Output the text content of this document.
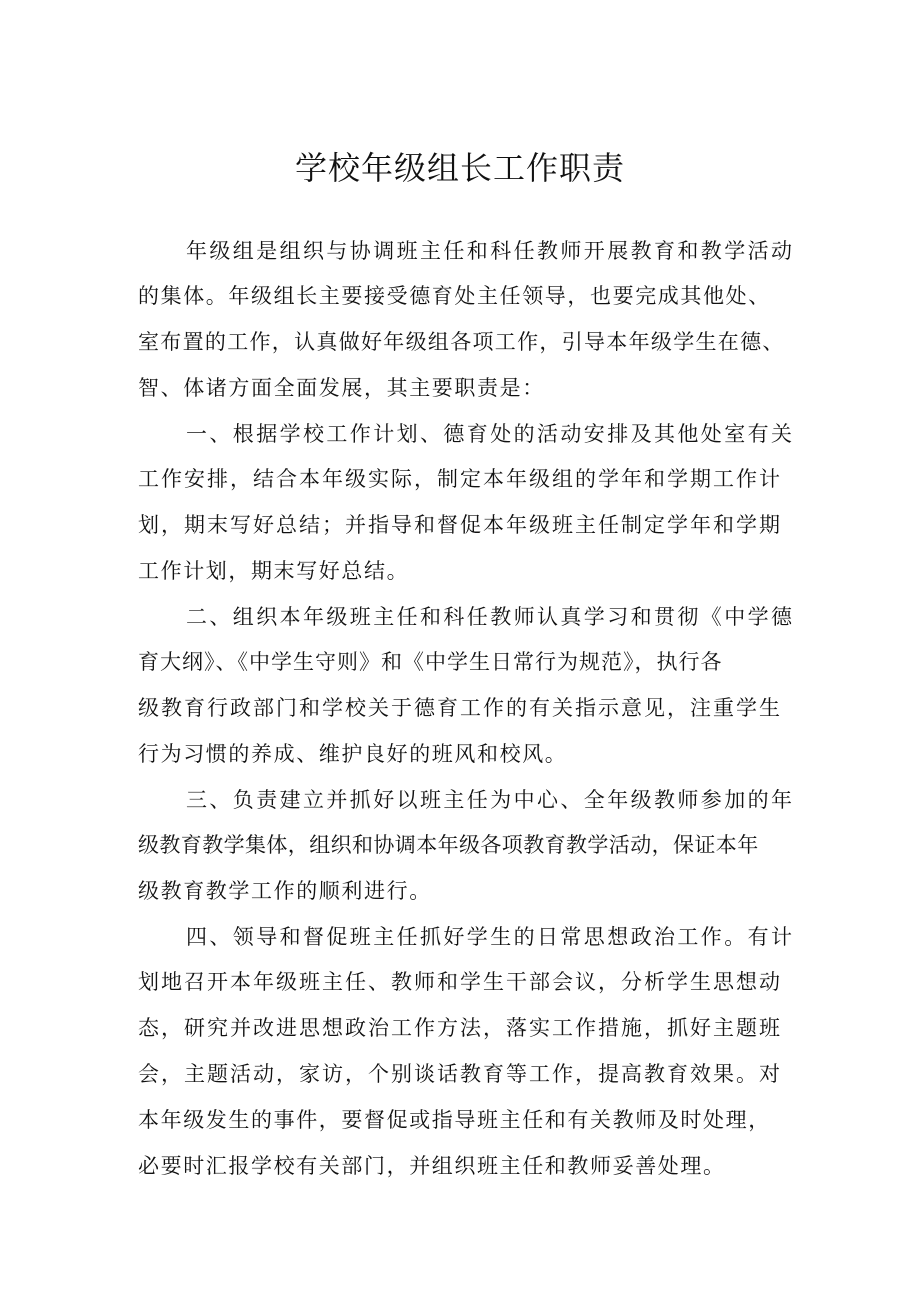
学校年级组长工作职责
年级组是组织与协调班主任和科任教师开展教育和教学活动
的集体。年级组长主要接受德育处主任领导，也要完成其他处、
室布置的工作，认真做好年级组各项工作，引导本年级学生在德、
智、体诸方面全面发展，其主要职责是：
一、根据学校工作计划、德育处的活动安排及其他处室有关
工作安排，结合本年级实际，制定本年级组的学年和学期工作计
划，期末写好总结；并指导和督促本年级班主任制定学年和学期
工作计划，期末写好总结。
二、组织本年级班主任和科任教师认真学习和贯彻《中学德
育大纲》、《中学生守则》和《中学生日常行为规范》，执行各
级教育行政部门和学校关于德育工作的有关指示意见，注重学生
行为习惯的养成、维护良好的班风和校风。
三、负责建立并抓好以班主任为中心、全年级教师参加的年
级教育教学集体，组织和协调本年级各项教育教学活动，保证本年
级教育教学工作的顺利进行。
四、领导和督促班主任抓好学生的日常思想政治工作。有计
划地召开本年级班主任、教师和学生干部会议，分析学生思想动
态，研究并改进思想政治工作方法，落实工作措施，抓好主题班
会，主题活动，家访，个别谈话教育等工作，提高教育效果。对
本年级发生的事件，要督促或指导班主任和有关教师及时处理，
必要时汇报学校有关部门，并组织班主任和教师妥善处理。
